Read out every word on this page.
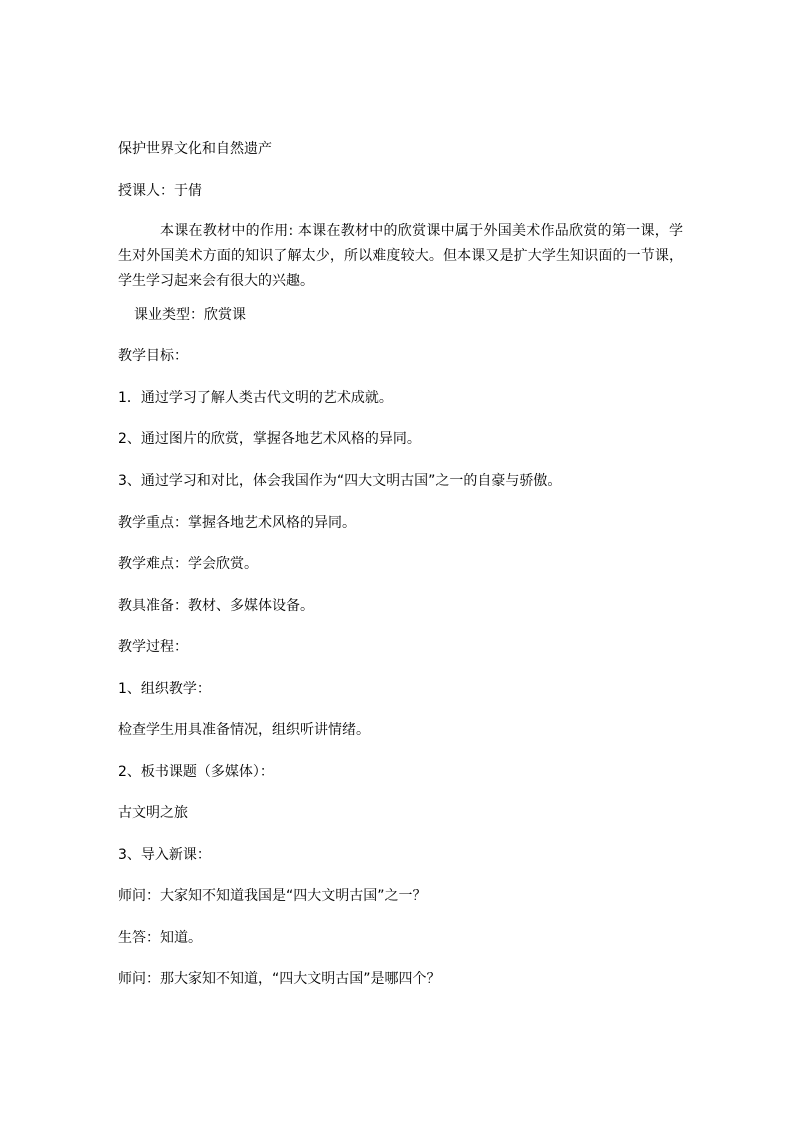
保护世界文化和自然遗产
授课人：于倩
本课在教材中的作用: 本课在教材中的欣赏课中属于外国美术作品欣赏的第一课，学生对外国美术方面的知识了解太少，所以难度较大。但本课又是扩大学生知识面的一节课，学生学习起来会有很大的兴趣。
课业类型：欣赏课
教学目标：
1．通过学习了解人类古代文明的艺术成就。
2、通过图片的欣赏，掌握各地艺术风格的异同。
3、通过学习和对比，体会我国作为“四大文明古国”之一的自豪与骄傲。
教学重点：掌握各地艺术风格的异同。
教学难点：学会欣赏。
教具准备：教材、多媒体设备。
教学过程：
1、组织教学：
检查学生用具准备情况，组织听讲情绪。
2、板书课题（多媒体）：
古文明之旅
3、导入新课：
师问：大家知不知道我国是“四大文明古国”之一？
生答：知道。
师问：那大家知不知道，“四大文明古国”是哪四个？
